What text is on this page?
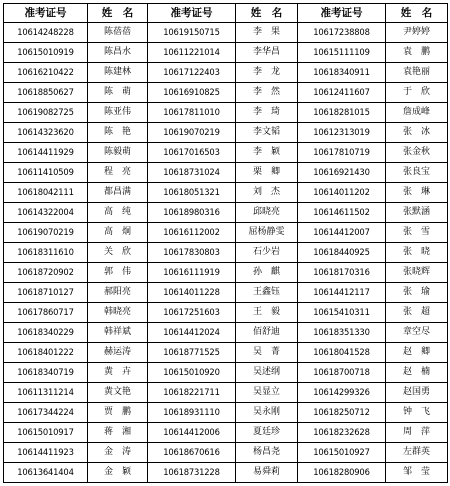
准考证号	姓　名	准考证号	姓　名	准考证号	姓　名
10614248228	陈蓓蓓	10619150715	李　果	10617238808	尹婷婷
10615010919	陈昌水	10611221014	李华昌	10615111109	袁　鹏
10616210422	陈建林	10617122403	李　龙	10618340911	袁艳丽
10618850627	陈　萌	10616910825	李　然	10612411607	于　欣
10619082725	陈亚伟	10617811010	李　琦	10618281015	詹成峰
10614323620	陈　艳	10619070219	李文韬	10612313019	张　冰
10614411929	陈毅萌	10617016503	李　颖	10617810719	张金秋
10611410509	程　亮	10618731024	栗　卿	10616921430	张良宝
10618042111	都昌满	10618051321	刘　杰	10614011202	张　琳
10614322004	高　纯	10618980316	邱晓亮	10614611502	张默涵
10619070219	高　炯	10616112002	屈杨静雯	10614412007	张　雪
10618311610	关　欣	10617830803	石少岩	10618440925	张　晓
10618720902	郭　伟	10616111919	孙　麒	10618170316	张晓辉
10618710127	郝阳亮	10614011228	王鑫钰	10614412117	张　瑜
10617860717	韩晓亮	10617251603	王　毅	10615410311	张　超
10618340229	韩祥斌	10614412024	佰舒迪	10618351330	章空尽
10618401222	赫运涛	10618771525	吴　菁	10618041528	赵　卿
10618340719	黄　卉	10615010920	吴述纲	10618700718	赵　楠
10611311214	黄文艳	10618221711	吴显立	10614299326	赵国勇
10617344224	贾　鹏	10618931110	吴永刚	10618250712	钟　飞
10615010917	蒋　湘	10614412006	夏廷珍	10618232628	周　萍
10614411923	金　涛	10618670616	杨昌尧	10615010927	左群英
10613641404	金　颖	10618731228	易舜莉	10618280906	邹　莹
